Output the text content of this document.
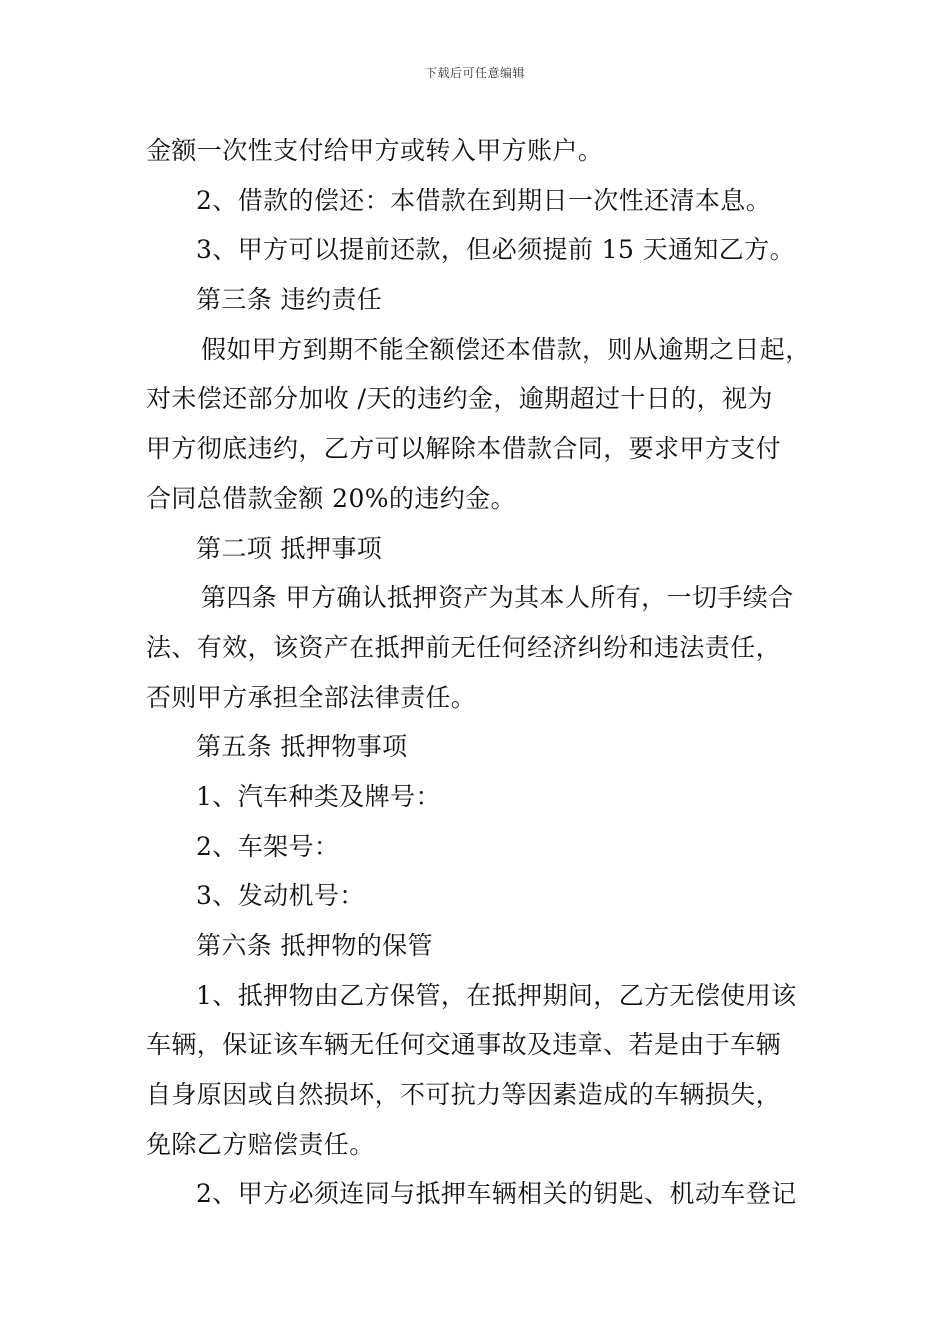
下载后可任意编辑
金额一次性支付给甲方或转入甲方账户。
2、借款的偿还：本借款在到期日一次性还清本息。
3、甲方可以提前还款，但必须提前 15 天通知乙方。
第三条 违约责任
假如甲方到期不能全额偿还本借款，则从逾期之日起，
对未偿还部分加收 /天的违约金，逾期超过十日的，视为
甲方彻底违约，乙方可以解除本借款合同，要求甲方支付
合同总借款金额 20%的违约金。
第二项 抵押事项
第四条 甲方确认抵押资产为其本人所有，一切手续合
法、有效，该资产在抵押前无任何经济纠纷和违法责任，
否则甲方承担全部法律责任。
第五条 抵押物事项
1、汽车种类及牌号：
2、车架号：
3、发动机号：
第六条 抵押物的保管
1、抵押物由乙方保管，在抵押期间，乙方无偿使用该
车辆，保证该车辆无任何交通事故及违章、若是由于车辆
自身原因或自然损坏，不可抗力等因素造成的车辆损失，
免除乙方赔偿责任。
2、甲方必须连同与抵押车辆相关的钥匙、机动车登记
